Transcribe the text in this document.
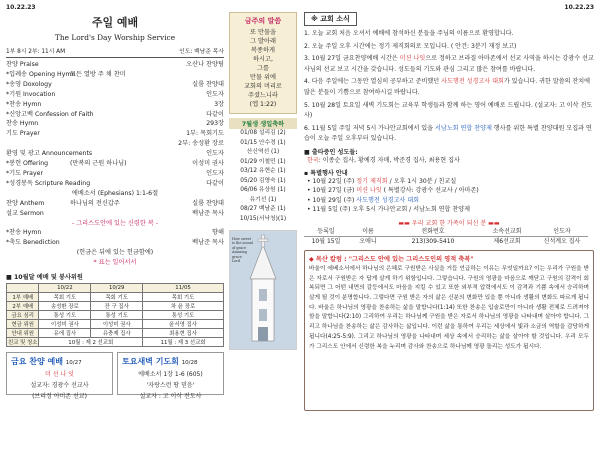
10.22.23	10.22.23
주일 예배
The Lord's Day Worship Service
1부 8시 2부: 11시 AM	인도: 백남준 목사
찬양 Praise	오산나 찬양팀
*입례송 Opening Hymn
모든 열방 주 채 찬미
*송영 Doxology	실룸 찬양대
*기원 Invocation	인도자
*찬송 Hymn	3장
*신앙고백 Confession of Faith	다같이
찬송 Hymn	293장
기도 Prayer	1부: 목회기도
2부: 송성환 장로
환영 및 광고 Announcements	인도자
*봉헌 Offering	(만복의 근원 하나님)	이성미 권사
*기도 Prayer	인도자
*성경봉독 Scripture Reading	다같이
에베소서 (Ephesians) 1:1-6절
찬양 Anthem	하나님의 전신갑주	실룸 찬양대
설교 Sermon	백남준 목사
- 그리스도안에 있는 신령한 복 -
*찬송 Hymn	향해
*축도 Benediction	백남준 목사
(헌금은 뒤에 있는 헌금함에)
* 표는 일어서서
■ 10월달 예배 및 봉사위원
	10/22	10/29	11/05
1부 예배	목회 기도	목회 기도	목회 기도
2부 예배	송성환 장로	잔 구 집사	차 윤 장로
금요 심리	통성 기도	통성 기도	통성 기도
현금 위원	이성미 권사	이성미 권사	윤서영 집사
안내 위원	유에 집사	유충제 집사	최용현 집사
친교 및 청소	10월 : 제 2 선교회		11월 : 제 3 선교회
금요 찬양 예배 10/27
미 선 나 잇
설교자: 경광수 선교사
(브리징 아미존 선교)
토요새벽 기도회 10/28
에베소서 1장 1-6 (605)
'자랑스런 땅 믿음'
설교자 : 고 이삭 전도사
금주의 말씀
또 만물을
그 발아래
복종하게
하시고,
그를
만물 위에
교회의 머리로
주셨느니라
(엡 1:22)
7월생 생일축하
01/08 설리김 (2)
01/15 안수경 (1)
산신역선 (1)
01/29 이철민 (1)
03/12 유현순 (1)
05/20 김영숙 (1)
06/06 유상원 (1)
유기선 (1)
08/27 백남준 (1)
10/15(서낙청)(1)
How sweet
is the sound
of grace
Amazing grace
Lord
※ 교회 소식

1. 오늘 교회 처음 오셔서 예배에 참석하신 분들을 주님의 이름으로 환영합니다.

2. 오늘 주일 오후 시간에는 정기 제직회의로 모입니다. ( 안건: 3분기 재정 보고)

3. 10월 27일 금요찬양예배 시간은 미션 나잇으로 정하고 브라질 아마존에서 선교 사역을 하시는 강광수 선교사님의 선교 보고 시간을 갖습니다. 성도들의 기도와 관심 그리고 많은 참여를 바랍니다.

4. 다음 주일에는 그동안 열심히 공부하고 준비했던 사도행전 성경고사 대회가 있습니다. 귀한 말씀의 잔치에 많은 분들이 기쁨으로 참여하시길 바랍니다.

5. 10월 28일 토요일 새벽 기도회는 교육부 학생들과 함께 하는 영어 예배로 드립니다. (설교자: 고 이삭 전도사)

6. 11월 5일 주일 저녁 5시 가나안교회에서 있을 서남노회 연합 찬양제 행사를 위한 특별 찬양대원 모집과 연습이 오늘 주일 오후부터 있습니다.

■ 출타중인 성도들:
한국: 이종순 집사, 황예경 자매, 박준경 집사, 최용현 집사
▪ 특별행사 안내
• 10월 22일 (주) 정기 제직회 / 오후 1시 30분 / 친교실
• 10월 27일 (금) 미션 나잇 ( 특별강사: 강광수 선교사 / 아마존)
• 10월 29일 (주) 사도행전 성경고사 대회
• 11월 5일 (주) 오후 5시 가나안교회 / 서남노회 연합 찬양제
▬▬ 우리 교회 한 가족이 되신 분 ▬▬
등록일	이름	전화번호	소속선교회	인도자
10월 15일	오애니	213)309-5410	제6선교회	신석계오 집사
◆ 목산 칼럼 : "그리스도 안에 있는 그리스도인의 영적 축복"
바울이 에베소서에서 하나님의 은혜로 구원받은 사실을 거듭 언급하는 이유는 무엇일까요? 이는 우리가 구원을 받은 자로서 구원받은 자 답게 살게 하기 위함입니다. 그렇습니다. 구원의 영광을 마음으로 깨닫고 구원의 감격이 회복되면 그 어떤 내면의 갈등에서도 마음을 지킬 수 있고 또한 외부적 압력에서도 이 감격과 기쁨 속에서 승리하며 살게 될 것이 분명합니다. 그렇다면 구원 받은 자의 삶은 신분의 변화만 있을 뿐 아니라 생활의 변화도 따르게 됩니다. 바울은 하나님의 영광을 찬송하는 삶을 말합니다(1:14) 또한 찬송은 입술로만이 아니라 생활 전체로 드려져야 함을 말합니다(2:10) 그리하여 우리는 하나님께 구원을 받은 자로서 하나님의 영광을 나타내며 살아야 합니다. 그리고 하나님을 찬송하는 삶은 감사하는 삶입니다. 이런 삶을 통하여 우리는 세상에서 빛과 소금의 역할을 감당하게 됩니다(4:25-5:9). 그리고 하나님의 영광을 나타내며 세상 속에서 승리하는 삶을 살아야 할 것입니다. 우리 모두가 그리스도 안에서 신령한 복을 누리며 감사와 찬송으로 하나님께 영광 돌리는 성도가 됩시다.
